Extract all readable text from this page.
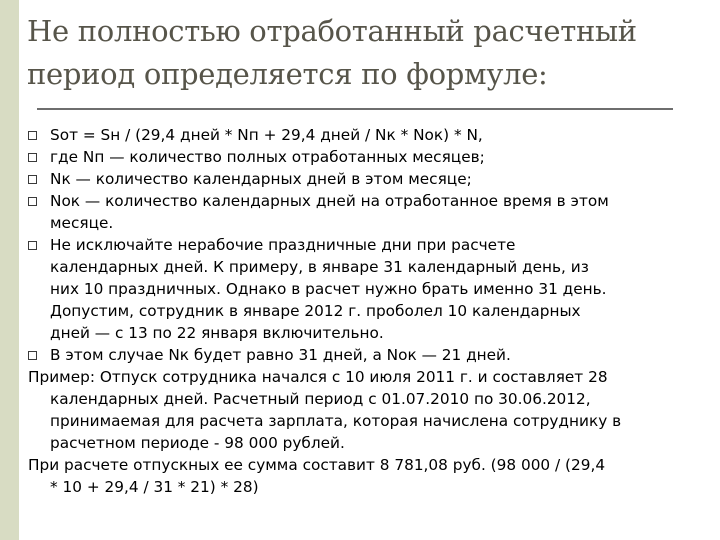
Не полностью отработанный расчетный
период определяется по формуле:
Sот = Sн / (29,4 дней * Nп + 29,4 дней / Nк * Nок) * N,
где Nп — количество полных отработанных месяцев;
Nк — количество календарных дней в этом месяце;
Nок — количество календарных дней на отработанное время в этом
месяце.
Не исключайте нерабочие праздничные дни при расчете
календарных дней. К примеру, в январе 31 календарный день, из
них 10 праздничных. Однако в расчет нужно брать именно 31 день.
Допустим, сотрудник в январе 2012 г. проболел 10 календарных
дней — с 13 по 22 января включительно.
В этом случае Nк будет равно 31 дней, а Nок — 21 дней.
Пример: Отпуск сотрудника начался с 10 июля 2011 г. и составляет 28
календарных дней. Расчетный период с 01.07.2010 по 30.06.2012,
принимаемая для расчета зарплата, которая начислена сотруднику в
расчетном периоде - 98 000 рублей.
При расчете отпускных ее сумма составит 8 781,08 руб. (98 000 / (29,4
* 10 + 29,4 / 31 * 21) * 28)
